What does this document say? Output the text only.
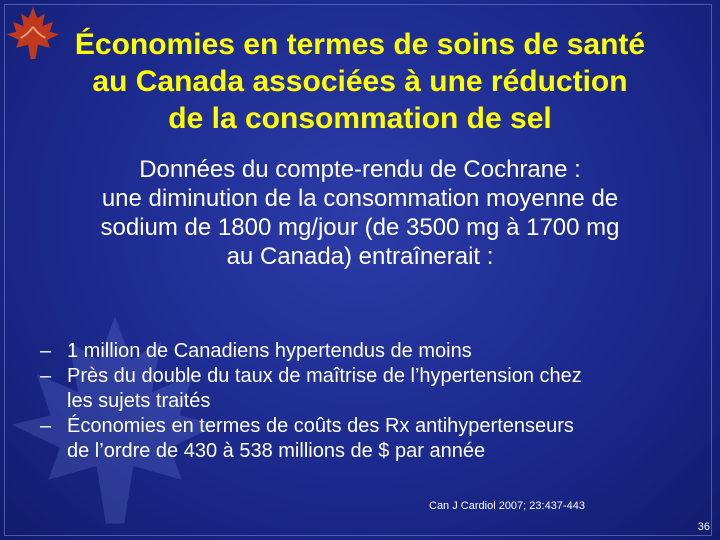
Économies en termes de soins de santé
au Canada associées à une réduction
de la consommation de sel
Données du compte-rendu de Cochrane :
une diminution de la consommation moyenne de
sodium de 1800 mg/jour (de 3500 mg à 1700 mg
au Canada) entraînerait :
– 1 million de Canadiens hypertendus de moins
– Près du double du taux de maîtrise de l’hypertension chez
les sujets traités
– Économies en termes de coûts des Rx antihypertenseurs
de l’ordre de 430 à 538 millions de $ par année
Can J Cardiol 2007; 23:437-443
36
